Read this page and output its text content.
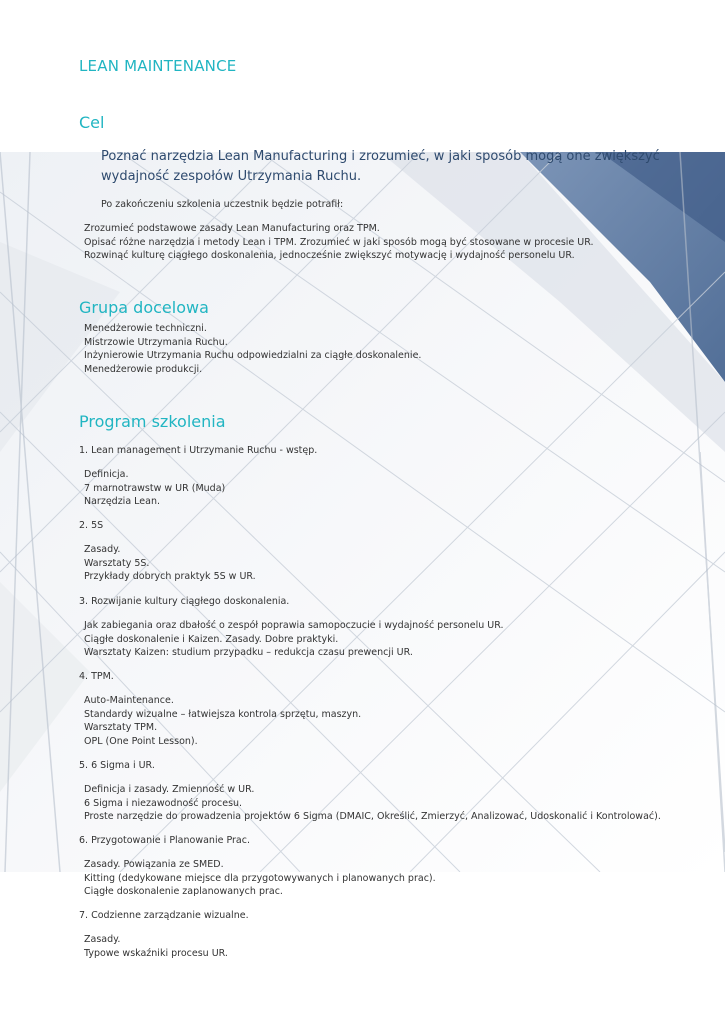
LEAN MAINTENANCE
Cel
Poznać narzędzia Lean Manufacturing i zrozumieć, w jaki sposób mogą one zwiększyć
wydajność zespołów Utrzymania Ruchu.
Po zakończeniu szkolenia uczestnik będzie potrafił:
Zrozumieć podstawowe zasady Lean Manufacturing oraz TPM.
Opisać różne narzędzia i metody Lean i TPM. Zrozumieć w jaki sposób mogą być stosowane w procesie UR.
Rozwinąć kulturę ciągłego doskonalenia, jednocześnie zwiększyć motywację i wydajność personelu UR.
Grupa docelowa
Menedżerowie techniczni.
Mistrzowie Utrzymania Ruchu.
Inżynierowie Utrzymania Ruchu odpowiedzialni za ciągłe doskonalenie.
Menedżerowie produkcji.
Program szkolenia
1. Lean management i Utrzymanie Ruchu - wstęp.
Definicja.
7 marnotrawstw w UR (Muda)
Narzędzia Lean.
2. 5S
Zasady.
Warsztaty 5S.
Przykłady dobrych praktyk 5S w UR.
3. Rozwijanie kultury ciągłego doskonalenia.
Jak zabiegania oraz dbałość o zespół poprawia samopoczucie i wydajność personelu UR.
Ciągłe doskonalenie i Kaizen. Zasady. Dobre praktyki.
Warsztaty Kaizen: studium przypadku – redukcja czasu prewencji UR.
4. TPM.
Auto-Maintenance.
Standardy wizualne – łatwiejsza kontrola sprzętu, maszyn.
Warsztaty TPM.
OPL (One Point Lesson).
5. 6 Sigma i UR.
Definicja i zasady. Zmienność w UR.
6 Sigma i niezawodność procesu.
Proste narzędzie do prowadzenia projektów 6 Sigma (DMAIC, Określić, Zmierzyć, Analizować, Udoskonalić i Kontrolować).
6. Przygotowanie i Planowanie Prac.
Zasady. Powiązania ze SMED.
Kitting (dedykowane miejsce dla przygotowywanych i planowanych prac).
Ciągłe doskonalenie zaplanowanych prac.
7. Codzienne zarządzanie wizualne.
Zasady.
Typowe wskaźniki procesu UR.
